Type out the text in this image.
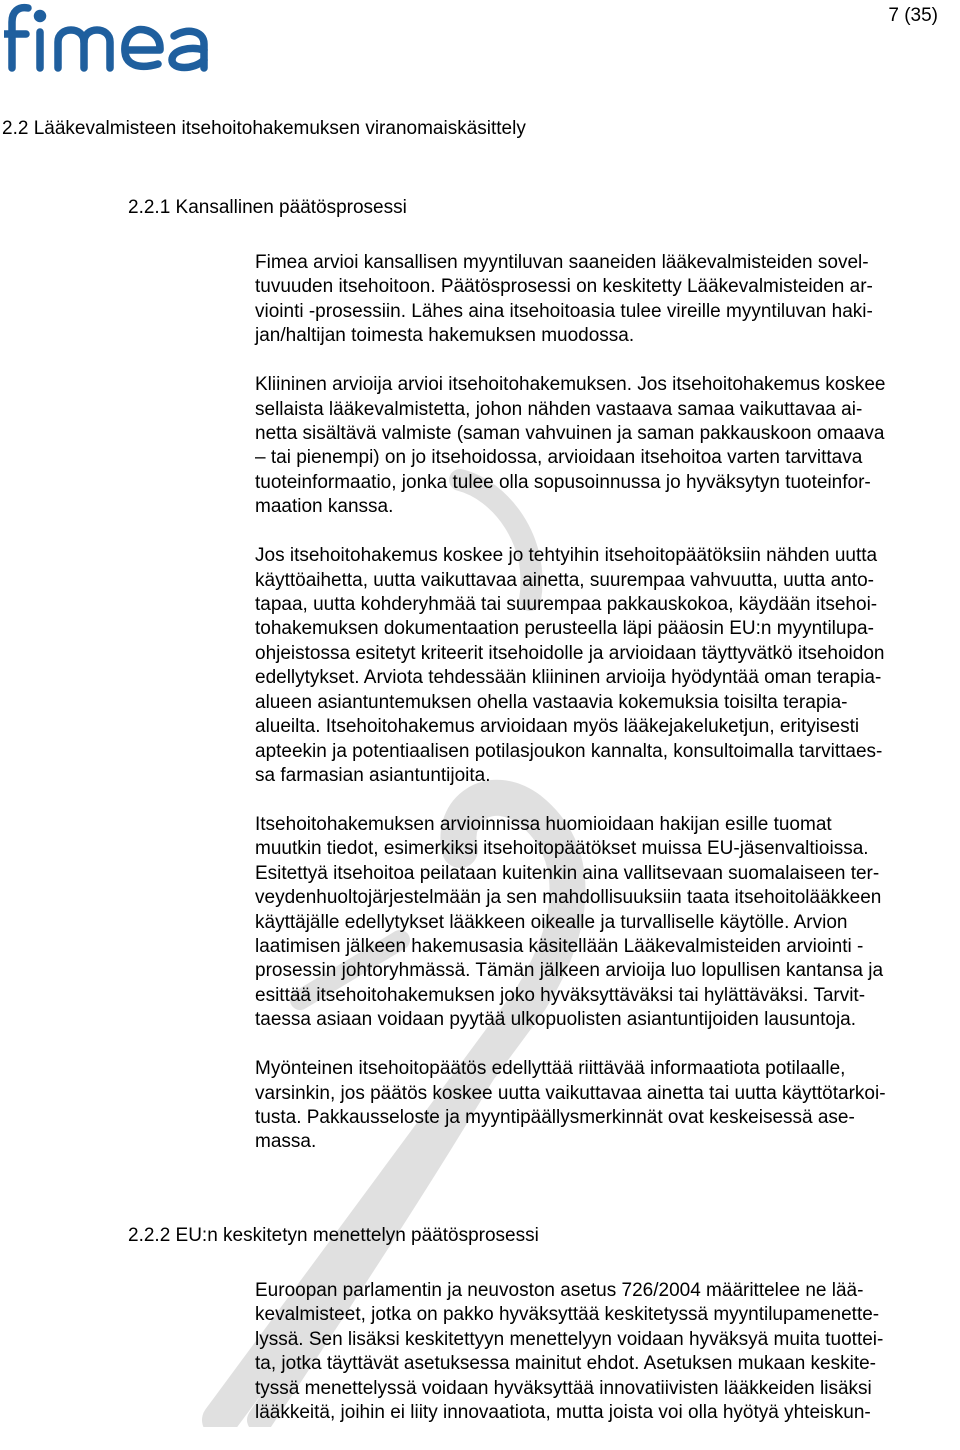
7 (35)
2.2 Lääkevalmisteen itsehoitohakemuksen viranomaiskäsittely
2.2.1 Kansallinen päätösprosessi

Fimea arvioi kansallisen myyntiluvan saaneiden lääkevalmisteiden sovel-
tuvuuden itsehoitoon. Päätösprosessi on keskitetty Lääkevalmisteiden ar-
viointi -prosessiin. Lähes aina itsehoitoasia tulee vireille myyntiluvan haki-
jan/haltijan toimesta hakemuksen muodossa.

Kliininen arvioija arvioi itsehoitohakemuksen. Jos itsehoitohakemus koskee
sellaista lääkevalmistetta, johon nähden vastaava samaa vaikuttavaa ai-
netta sisältävä valmiste (saman vahvuinen ja saman pakkauskoon omaava
– tai pienempi) on jo itsehoidossa, arvioidaan itsehoitoa varten tarvittava
tuoteinformaatio, jonka tulee olla sopusoinnussa jo hyväksytyn tuoteinfor-
maation kanssa.

Jos itsehoitohakemus koskee jo tehtyihin itsehoitopäätöksiin nähden uutta
käyttöaihetta, uutta vaikuttavaa ainetta, suurempaa vahvuutta, uutta anto-
tapaa, uutta kohderyhmää tai suurempaa pakkauskokoa, käydään itsehoi-
tohakemuksen dokumentaation perusteella läpi pääosin EU:n myyntilupa-
ohjeistossa esitetyt kriteerit itsehoidolle ja arvioidaan täyttyvätkö itsehoidon
edellytykset. Arviota tehdessään kliininen arvioija hyödyntää oman terapia-
alueen asiantuntemuksen ohella vastaavia kokemuksia toisilta terapia-
alueilta. Itsehoitohakemus arvioidaan myös lääkejakeluketjun, erityisesti
apteekin ja potentiaalisen potilasjoukon kannalta, konsultoimalla tarvittaes-
sa farmasian asiantuntijoita.

Itsehoitohakemuksen arvioinnissa huomioidaan hakijan esille tuomat
muutkin tiedot, esimerkiksi itsehoitopäätökset muissa EU-jäsenvaltioissa.
Esitettyä itsehoitoa peilataan kuitenkin aina vallitsevaan suomalaiseen ter-
veydenhuoltojärjestelmään ja sen mahdollisuuksiin taata itsehoitolääkkeen
käyttäjälle edellytykset lääkkeen oikealle ja turvalliselle käytölle. Arvion
laatimisen jälkeen hakemusasia käsitellään Lääkevalmisteiden arviointi -
prosessin johtoryhmässä. Tämän jälkeen arvioija luo lopullisen kantansa ja
esittää itsehoitohakemuksen joko hyväksyttäväksi tai hylättäväksi. Tarvit-
taessa asiaan voidaan pyytää ulkopuolisten asiantuntijoiden lausuntoja.

Myönteinen itsehoitopäätös edellyttää riittävää informaatiota potilaalle,
varsinkin, jos päätös koskee uutta vaikuttavaa ainetta tai uutta käyttötarkoi-
tusta. Pakkausseloste ja myyntipäällysmerkinnät ovat keskeisessä ase-
massa.

2.2.2 EU:n keskitetyn menettelyn päätösprosessi

Euroopan parlamentin ja neuvoston asetus 726/2004 määrittelee ne lää-
kevalmisteet, jotka on pakko hyväksyttää keskitetyssä myyntilupamenette-
lyssä. Sen lisäksi keskitettyyn menettelyyn voidaan hyväksyä muita tuottei-
ta, jotka täyttävät asetuksessa mainitut ehdot. Asetuksen mukaan keskite-
tyssä menettelyssä voidaan hyväksyttää innovatiivisten lääkkeiden lisäksi
lääkkeitä, joihin ei liity innovaatiota, mutta joista voi olla hyötyä yhteiskun-
